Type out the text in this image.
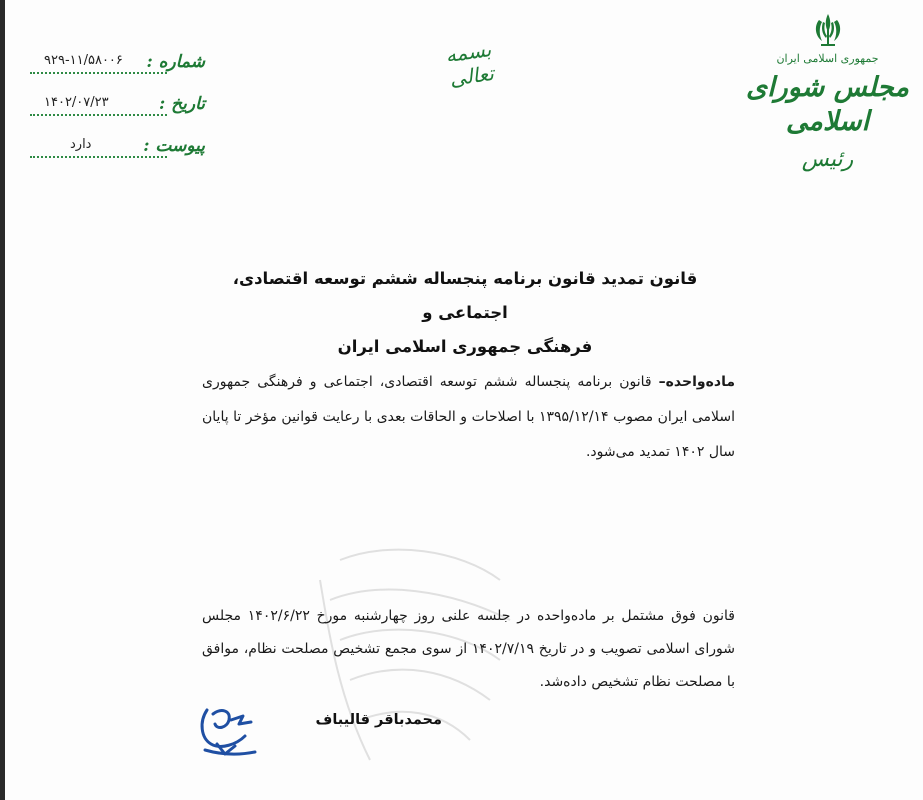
شماره :
۹۲۹-۱۱/۵۸۰۰۶
تاریخ :
۱۴۰۲/۰۷/۲۳
پیوست :
دارد
بسمه تعالی
جمهوری اسلامی ایران
مجلس شورای اسلامی
رئیس
قانون تمدید قانون برنامه پنجساله ششم توسعه اقتصادی، اجتماعی و
فرهنگی جمهوری اسلامی ایران
ماده‌واحده– قانون برنامه پنجساله ششم توسعه اقتصادی، اجتماعی و فرهنگی جمهوری اسلامی ایران مصوب ۱۳۹۵/۱۲/۱۴ با اصلاحات و الحاقات بعدی با رعایت قوانین مؤخر تا پایان سال ۱۴۰۲ تمدید می‌شود.
قانون فوق مشتمل بر ماده‌واحده در جلسه علنی روز چهارشنبه مورخ ۱۴۰۲/۶/۲۲ مجلس شورای اسلامی تصویب و در تاریخ ۱۴۰۲/۷/۱۹ از سوی مجمع تشخیص مصلحت نظام، موافق با مصلحت نظام تشخیص داده‌شد.
محمدباقر قالیباف
